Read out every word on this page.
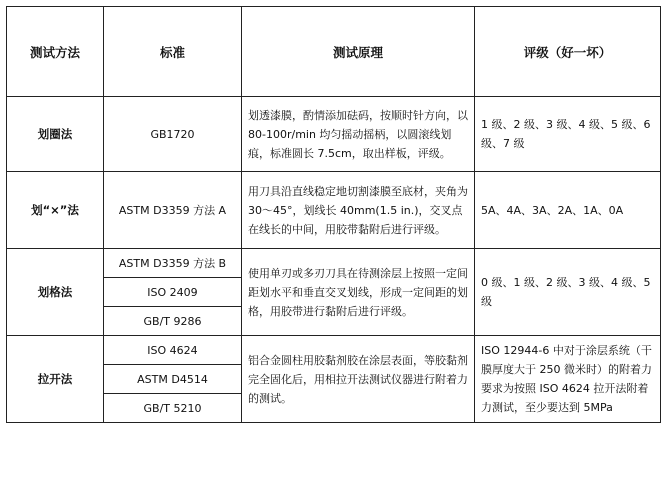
测试方法	标准	测试原理	评级（好一坏）
划圈法	GB1720	划透漆膜，酌情添加砝码，按顺时针方向，以 80-100r/min 均匀摇动摇柄，以圆滚线划痕，标准圆长 7.5cm，取出样板，评级。	1 级、2 级、3 级、4 级、5 级、6 级、7 级
划“×”法	ASTM D3359 方法 A	用刀具沿直线稳定地切割漆膜至底材，夹角为 30～45°，划线长 40mm(1.5 in.)，交叉点在线长的中间，用胶带黏附后进行评级。	5A、4A、3A、2A、1A、0A
划格法	ASTM D3359 方法 B	使用单刃或多刃刀具在待测涂层上按照一定间距划水平和垂直交叉划线，形成一定间距的划格，用胶带进行黏附后进行评级。	0 级、1 级、2 级、3 级、4 级、5 级
	ISO 2409		
	GB/T 9286		
拉开法	ISO 4624	铝合金圆柱用胶黏剂胶在涂层表面，等胶黏剂完全固化后，用相拉开法测试仪器进行附着力的测试。	ISO 12944-6 中对于涂层系统（干膜厚度大于 250 微米时）的附着力要求为按照 ISO 4624 拉开法附着力测试，至少要达到 5MPa
	ASTM D4514		
	GB/T 5210		
